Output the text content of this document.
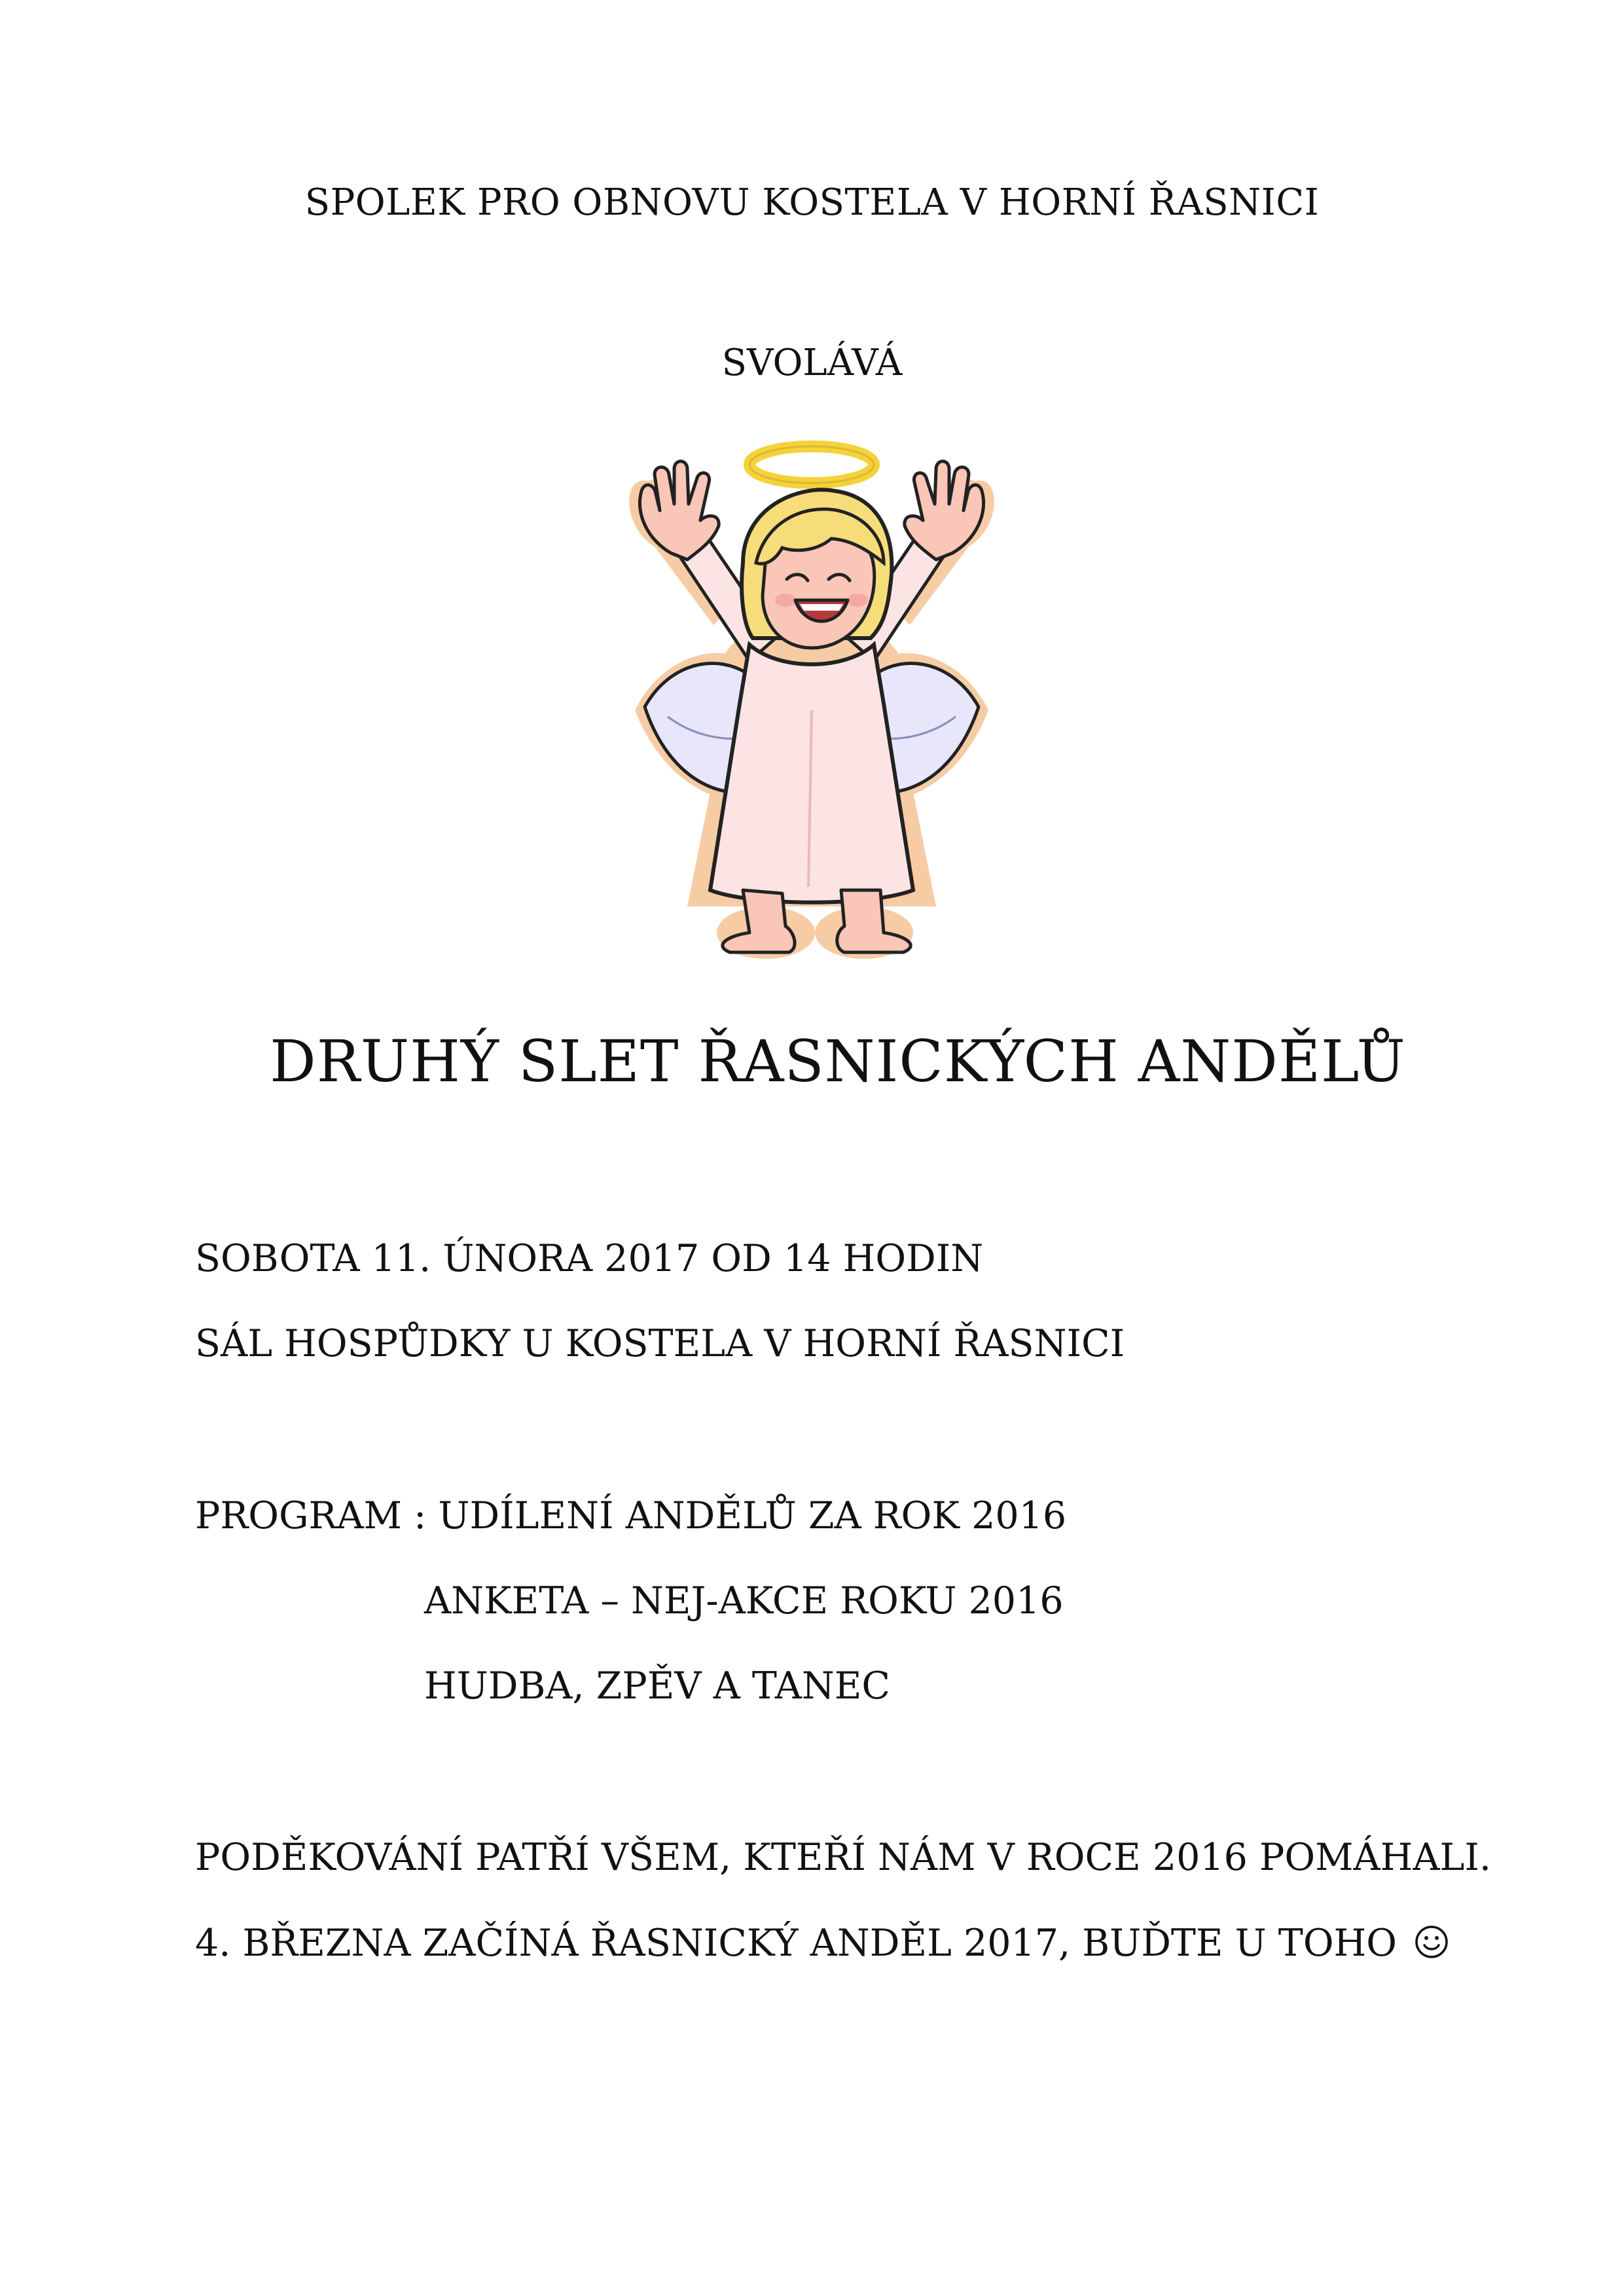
SPOLEK PRO OBNOVU KOSTELA V HORNÍ ŘASNICI
SVOLÁVÁ
DRUHÝ SLET ŘASNICKÝCH ANDĚLŮ
SOBOTA 11. ÚNORA 2017 OD 14 HODIN
SÁL HOSPŮDKY U KOSTELA V HORNÍ ŘASNICI
PROGRAM : UDÍLENÍ ANDĚLŮ ZA ROK 2016
ANKETA – NEJ-AKCE ROKU 2016
HUDBA, ZPĚV A TANEC
PODĚKOVÁNÍ PATŘÍ VŠEM, KTEŘÍ NÁM V ROCE 2016 POMÁHALI.
4. BŘEZNA ZAČÍNÁ ŘASNICKÝ ANDĚL 2017, BUĎTE U TOHO
